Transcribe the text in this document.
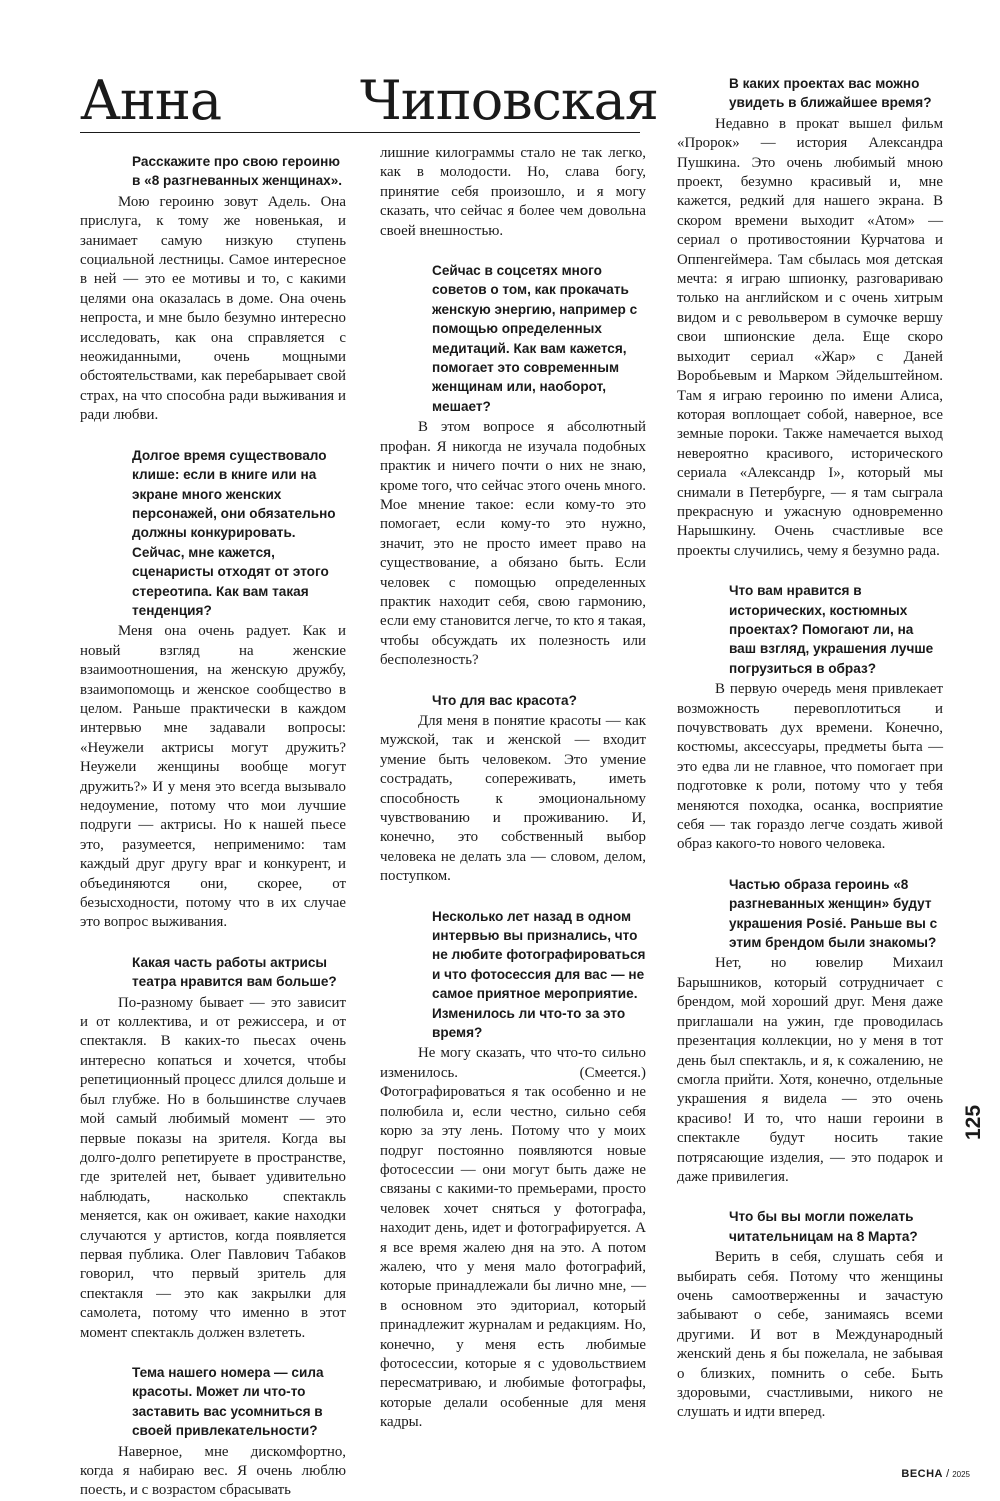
Анна	Чиповская

Расскажите про свою героиню в «8 разгневанных женщинах».

Мою героиню зовут Адель. Она прислуга, к тому же новенькая, и занимает самую низкую ступень социальной лестницы. Самое интересное в ней — это ее мотивы и то, с какими целями она оказалась в доме. Она очень непроста, и мне было безумно интересно исследовать, как она справляется с неожиданными, очень мощными обстоятельствами, как перебарывает свой страх, на что способна ради выживания и ради любви.

Долгое время существовало клише: если в книге или на экране много женских персонажей, они обязательно должны конкурировать. Сейчас, мне кажется, сценаристы отходят от этого стереотипа. Как вам такая тенденция?

Меня она очень радует. Как и новый взгляд на женские взаимоотношения, на женскую дружбу, взаимопомощь и женское сообщество в целом. Раньше практически в каждом интервью мне задавали вопросы: «Неужели актрисы могут дружить? Неужели женщины вообще могут дружить?» И у меня это всегда вызывало недоумение, потому что мои лучшие подруги — актрисы. Но к нашей пьесе это, разумеется, неприменимо: там каждый друг другу враг и конкурент, и объединяются они, скорее, от безысходности, потому что в их случае это вопрос выживания.

Какая часть работы актрисы театра нравится вам больше?

По-разному бывает — это зависит и от коллектива, и от режиссера, и от спектакля. В каких-то пьесах очень интересно копаться и хочется, чтобы репетиционный процесс длился дольше и был глубже. Но в большинстве случаев мой самый любимый момент — это первые показы на зрителя. Когда вы долго-долго репетируете в пространстве, где зрителей нет, бывает удивительно наблюдать, насколько спектакль меняется, как он оживает, какие находки случаются у артистов, когда появляется первая публика. Олег Павлович Табаков говорил, что первый зритель для спектакля — это как закрылки для самолета, потому что именно в этот момент спектакль должен взлететь.

Тема нашего номера — сила красоты. Может ли что-то заставить вас усомниться в своей привлекательности?

Наверное, мне дискомфортно, когда я набираю вес. Я очень люблю поесть, и с возрастом сбрасывать

лишние килограммы стало не так легко, как в молодости. Но, слава богу, принятие себя произошло, и я могу сказать, что сейчас я более чем довольна своей внешностью.

Сейчас в соцсетях много советов о том, как прокачать женскую энергию, например с помощью определенных медитаций. Как вам кажется, помогает это современным женщинам или, наоборот, мешает?

В этом вопросе я абсолютный профан. Я никогда не изучала подобных практик и ничего почти о них не знаю, кроме того, что сейчас этого очень много. Мое мнение такое: если кому-то это помогает, если кому-то это нужно, значит, это не просто имеет право на существование, а обязано быть. Если человек с помощью определенных практик находит себя, свою гармонию, если ему становится легче, то кто я такая, чтобы обсуждать их полезность или бесполезность?

Что для вас красота?

Для меня в понятие красоты — как мужской, так и женской — входит умение быть человеком. Это умение сострадать, сопереживать, иметь способность к эмоциональному чувствованию и проживанию. И, конечно, это собственный выбор человека не делать зла — словом, делом, поступком.

Несколько лет назад в одном интервью вы признались, что не любите фотографироваться и что фотосессия для вас — не самое приятное мероприятие. Изменилось ли что-то за это время?

Не могу сказать, что что-то сильно изменилось. (Смеется.) Фотографироваться я так особенно и не полюбила и, если честно, сильно себя корю за эту лень. Потому что у моих подруг постоянно появляются новые фотосессии — они могут быть даже не связаны с какими-то премьерами, просто человек хочет сняться у фотографа, находит день, идет и фотографируется. А я все время жалею дня на это. А потом жалею, что у меня мало фотографий, которые принадлежали бы лично мне, — в основном это эдиториал, который принадлежит журналам и редакциям. Но, конечно, у меня есть любимые фотосессии, которые я с удовольствием пересматриваю, и любимые фотографы, которые делали особенные для меня кадры.

В каких проектах вас можно увидеть в ближайшее время?

Недавно в прокат вышел фильм «Пророк» — история Александра Пушкина. Это очень любимый мною проект, безумно красивый и, мне кажется, редкий для нашего экрана. В скором времени выходит «Атом» — сериал о противостоянии Курчатова и Оппенгеймера. Там сбылась моя детская мечта: я играю шпионку, разговариваю только на английском и с очень хитрым видом и с револьвером в сумочке вершу свои шпионские дела. Еще скоро выходит сериал «Жар» с Даней Воробьевым и Марком Эйдельштейном. Там я играю героиню по имени Алиса, которая воплощает собой, наверное, все земные пороки. Также намечается выход невероятно красивого, исторического сериала «Александр I», который мы снимали в Петербурге, — я там сыграла прекрасную и ужасную одновременно Нарышкину. Очень счастливые все проекты случились, чему я безумно рада.

Что вам нравится в исторических, костюмных проектах? Помогают ли, на ваш взгляд, украшения лучше погрузиться в образ?

В первую очередь меня привлекает возможность перевоплотиться и почувствовать дух времени. Конечно, костюмы, аксессуары, предметы быта — это едва ли не главное, что помогает при подготовке к роли, потому что у тебя меняются походка, осанка, восприятие себя — так гораздо легче создать живой образ какого-то нового человека.

Частью образа героинь «8 разгневанных женщин» будут украшения Posié. Раньше вы с этим брендом были знакомы?

Нет, но ювелир Михаил Барышников, который сотрудничает с брендом, мой хороший друг. Меня даже приглашали на ужин, где проводилась презентация коллекции, но у меня в тот день был спектакль, и я, к сожалению, не смогла прийти. Хотя, конечно, отдельные украшения я видела — это очень красиво! И то, что наши героини в спектакле будут носить такие потрясающие изделия, — это подарок и даже привилегия.

Что бы вы могли пожелать читательницам на 8 Марта?

Верить в себя, слушать себя и выбирать себя. Потому что женщины очень самоотверженны и зачастую забывают о себе, занимаясь всеми другими. И вот в Международный женский день я бы пожелала, не забывая о близких, помнить о себе. Быть здоровыми, счастливыми, никого не слушать и идти вперед.

125
ВЕСНА / 2025
